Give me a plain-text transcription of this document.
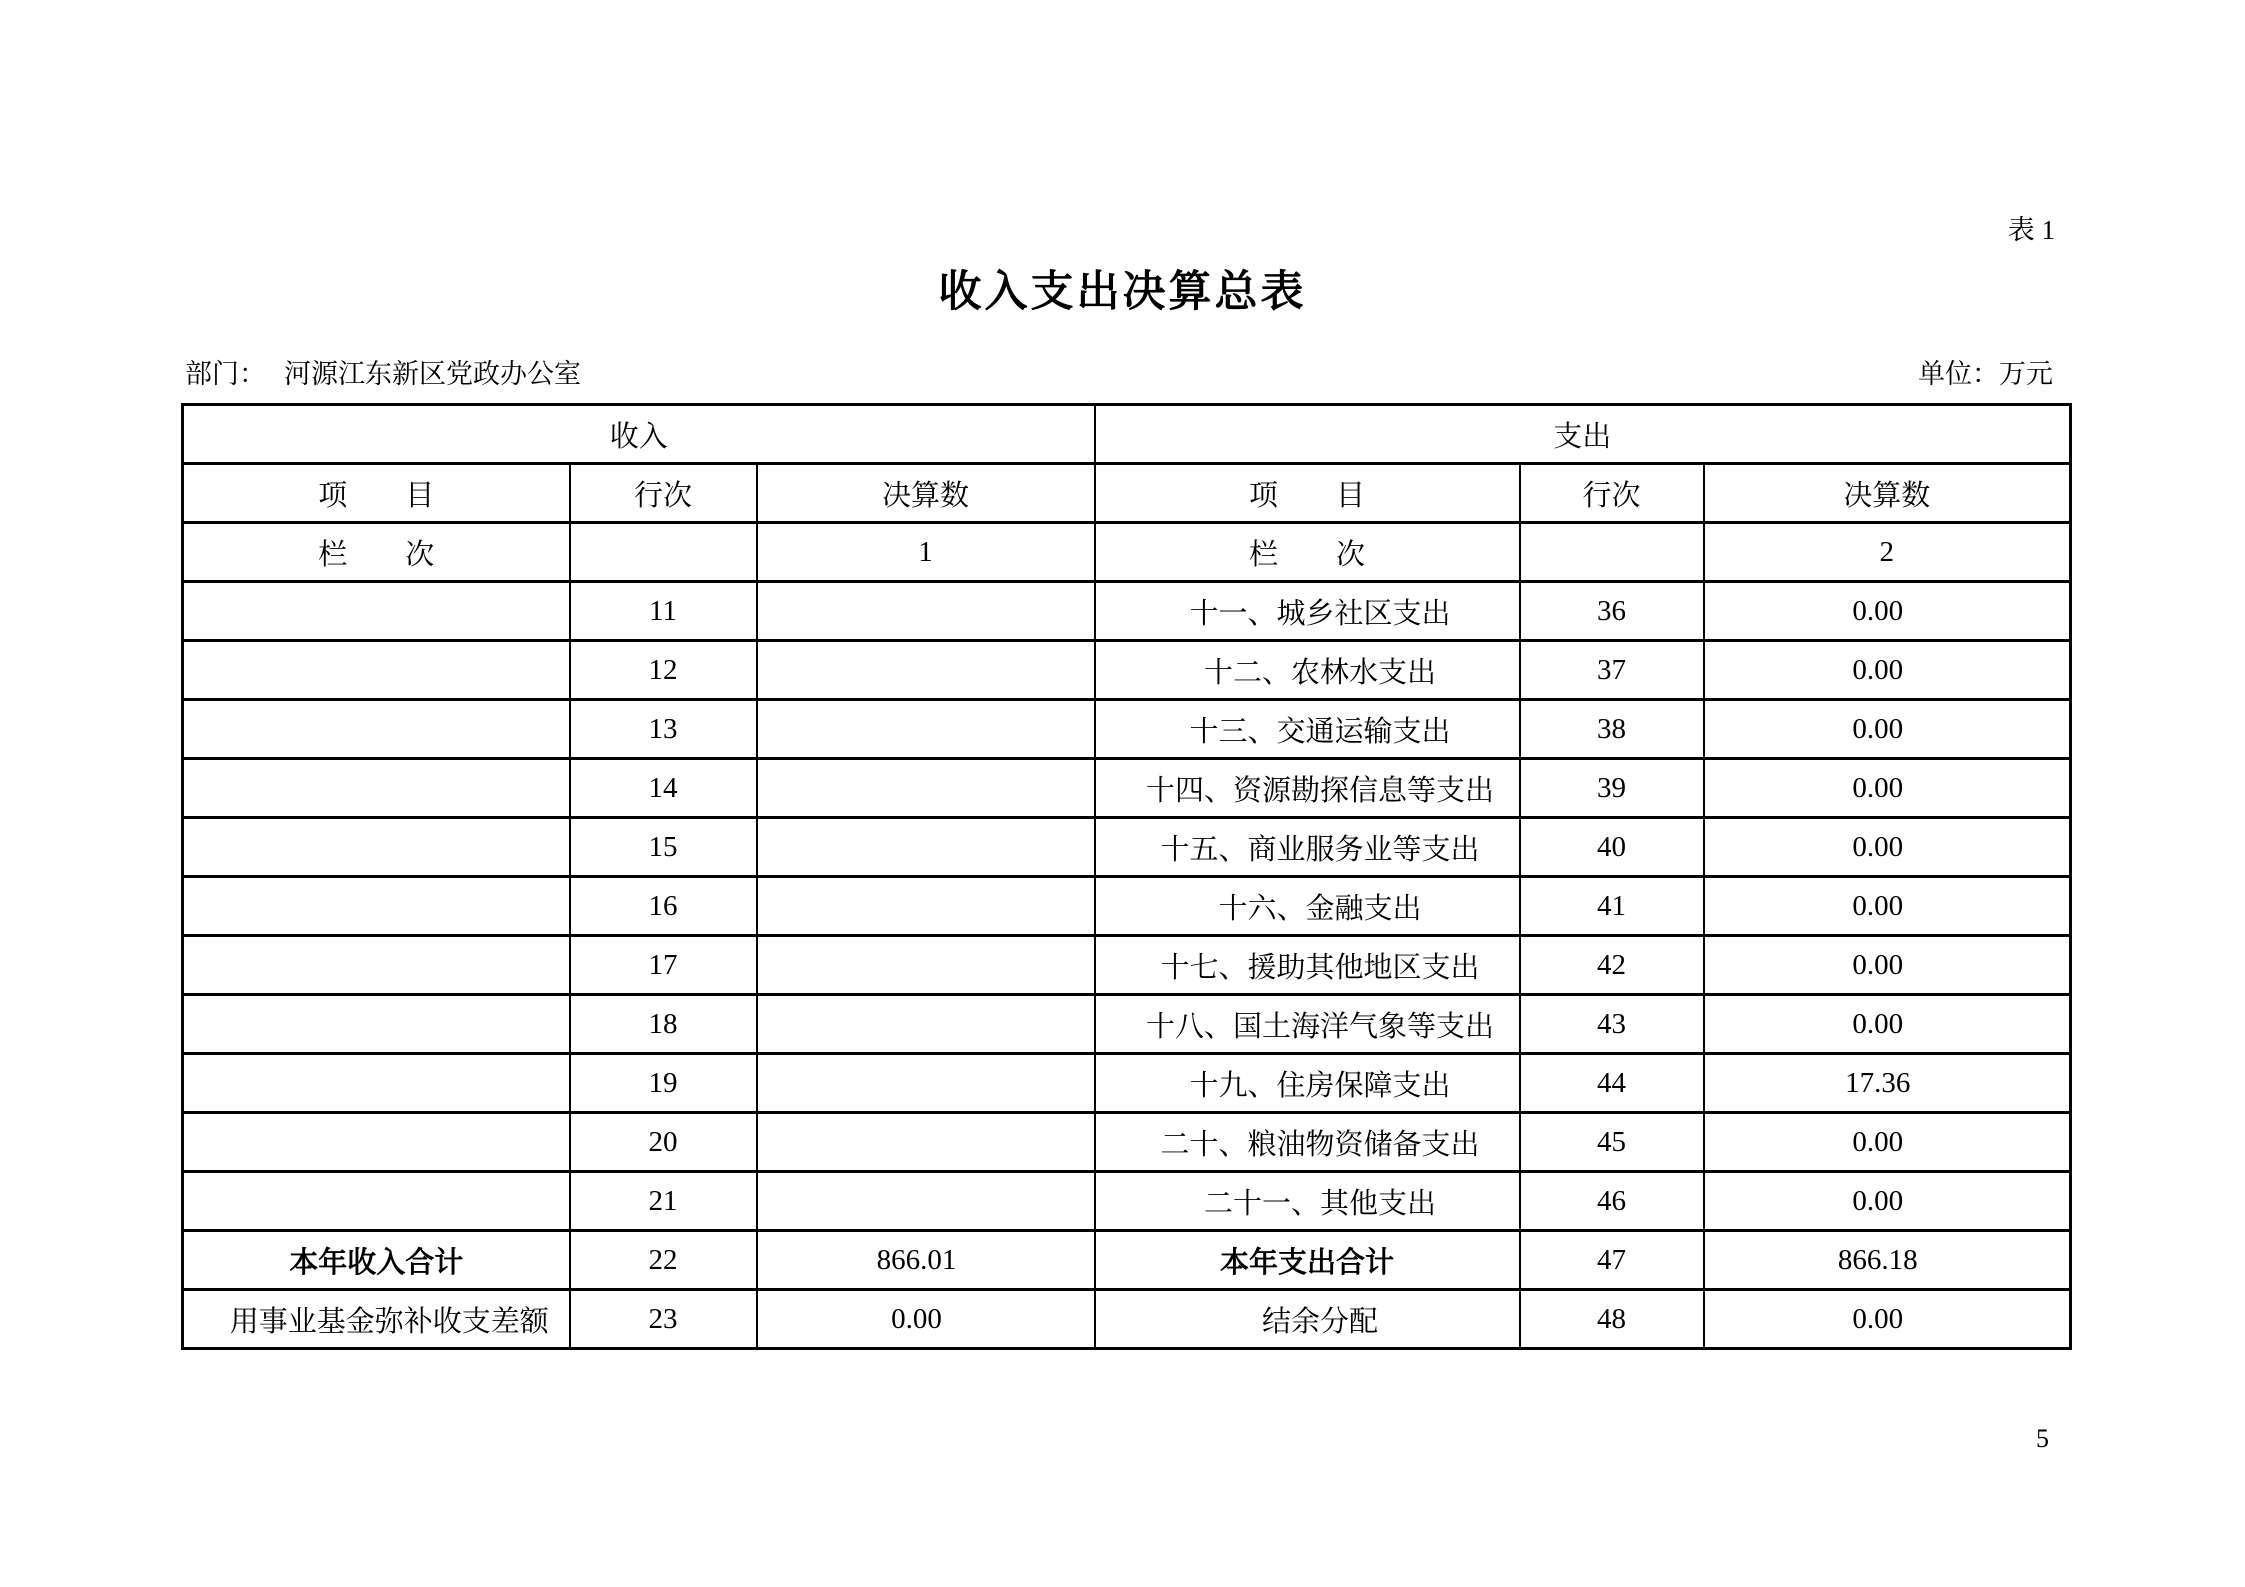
表 1
收入支出决算总表
部门： 河源江东新区党政办公室	单位：万元
收入			支出		
项　　目	行次	决算数	项　　目	行次	决算数
栏　　次		1	栏　　次		2
	11		十一、城乡社区支出	36	0.00
	12		十二、农林水支出	37	0.00
	13		十三、交通运输支出	38	0.00
	14		十四、资源勘探信息等支出	39	0.00
	15		十五、商业服务业等支出	40	0.00
	16		十六、金融支出	41	0.00
	17		十七、援助其他地区支出	42	0.00
	18		十八、国土海洋气象等支出	43	0.00
	19		十九、住房保障支出	44	17.36
	20		二十、粮油物资储备支出	45	0.00
	21		二十一、其他支出	46	0.00
本年收入合计	22	866.01	本年支出合计	47	866.18
用事业基金弥补收支差额	23	0.00	结余分配	48	0.00
5
